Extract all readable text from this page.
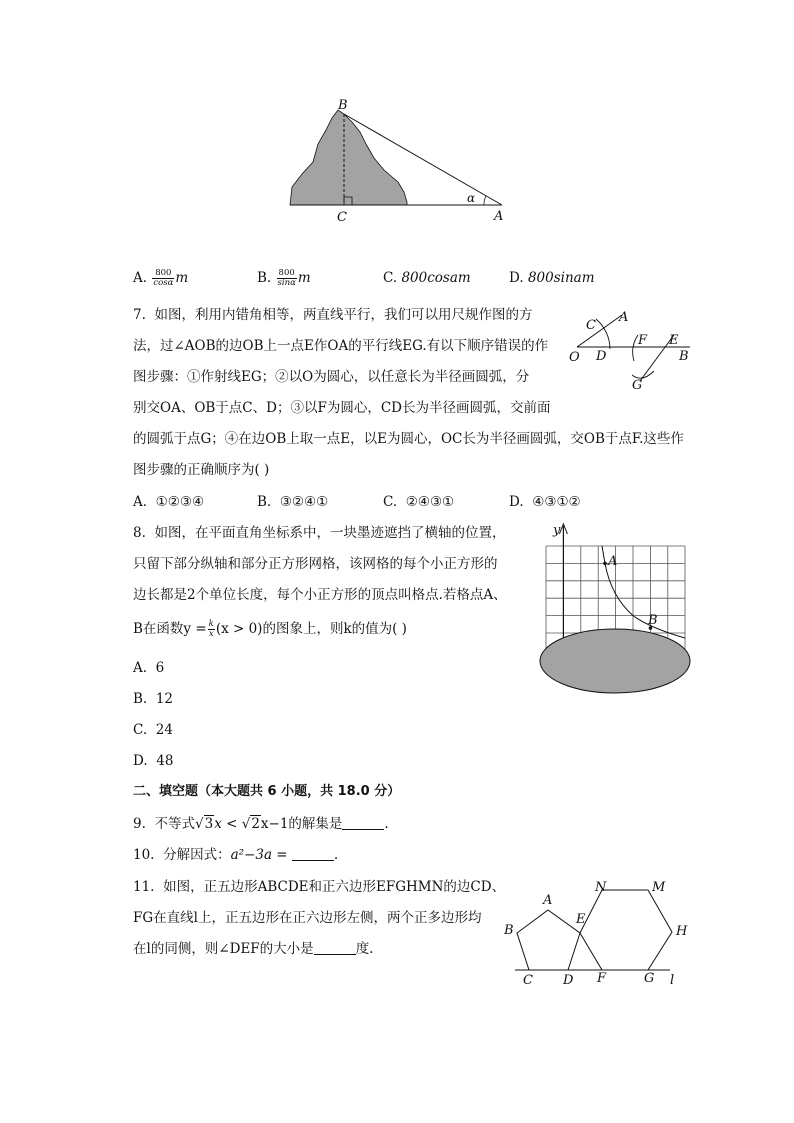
B
C	A
α
A. $\frac{800}{\cos\alpha}$ m	B. $\frac{800}{\sin\alpha}$ m	C. 800cosam	D. 800sinam
7. 如图，利用内错角相等，两直线平行，我们可以用尺规作图的方
法，过∠AOB的边OB上一点E作OA的平行线EG.有以下顺序错误的作
图步骤：①作射线EG；②以O为圆心，以任意长为半径画圆弧，分
别交OA、OB于点C、D；③以F为圆心，CD长为半径画圆弧，交前面
的圆弧于点G；④在边OB上取一点E，以E为圆心，OC长为半径画圆弧，交OB于点F.这些作
图步骤的正确顺序为( )
C
A
F E
O D	B
G
A. ①②③④	B. ③②④①	C. ②④③①	D. ④③①②
8. 如图，在平面直角坐标系中，一块墨迹遮挡了横轴的位置，
只留下部分纵轴和部分正方形网格，该网格的每个小正方形的
边长都是2个单位长度，每个小正方形的顶点叫格点.若格点A、
B在函数$y = \frac{k}{x} (x > 0)$的图象上，则k的值为( )
y
A
B
A. 6
B. 12
C. 24
D. 48
二、填空题（本大题共 6 小题，共 18.0 分）
9. 不等式√3x < √2x−1的解集是	.
10. 分解因式：a²−3a =	.
11. 如图，正五边形ABCDE和正六边形EFGHMN的边CD、
FG在直线l上，正五边形在正六边形左侧，两个正多边形均
在l的同侧，则∠DEF的大小是	度.
N	M
A
E
B	H
C D F	G l
